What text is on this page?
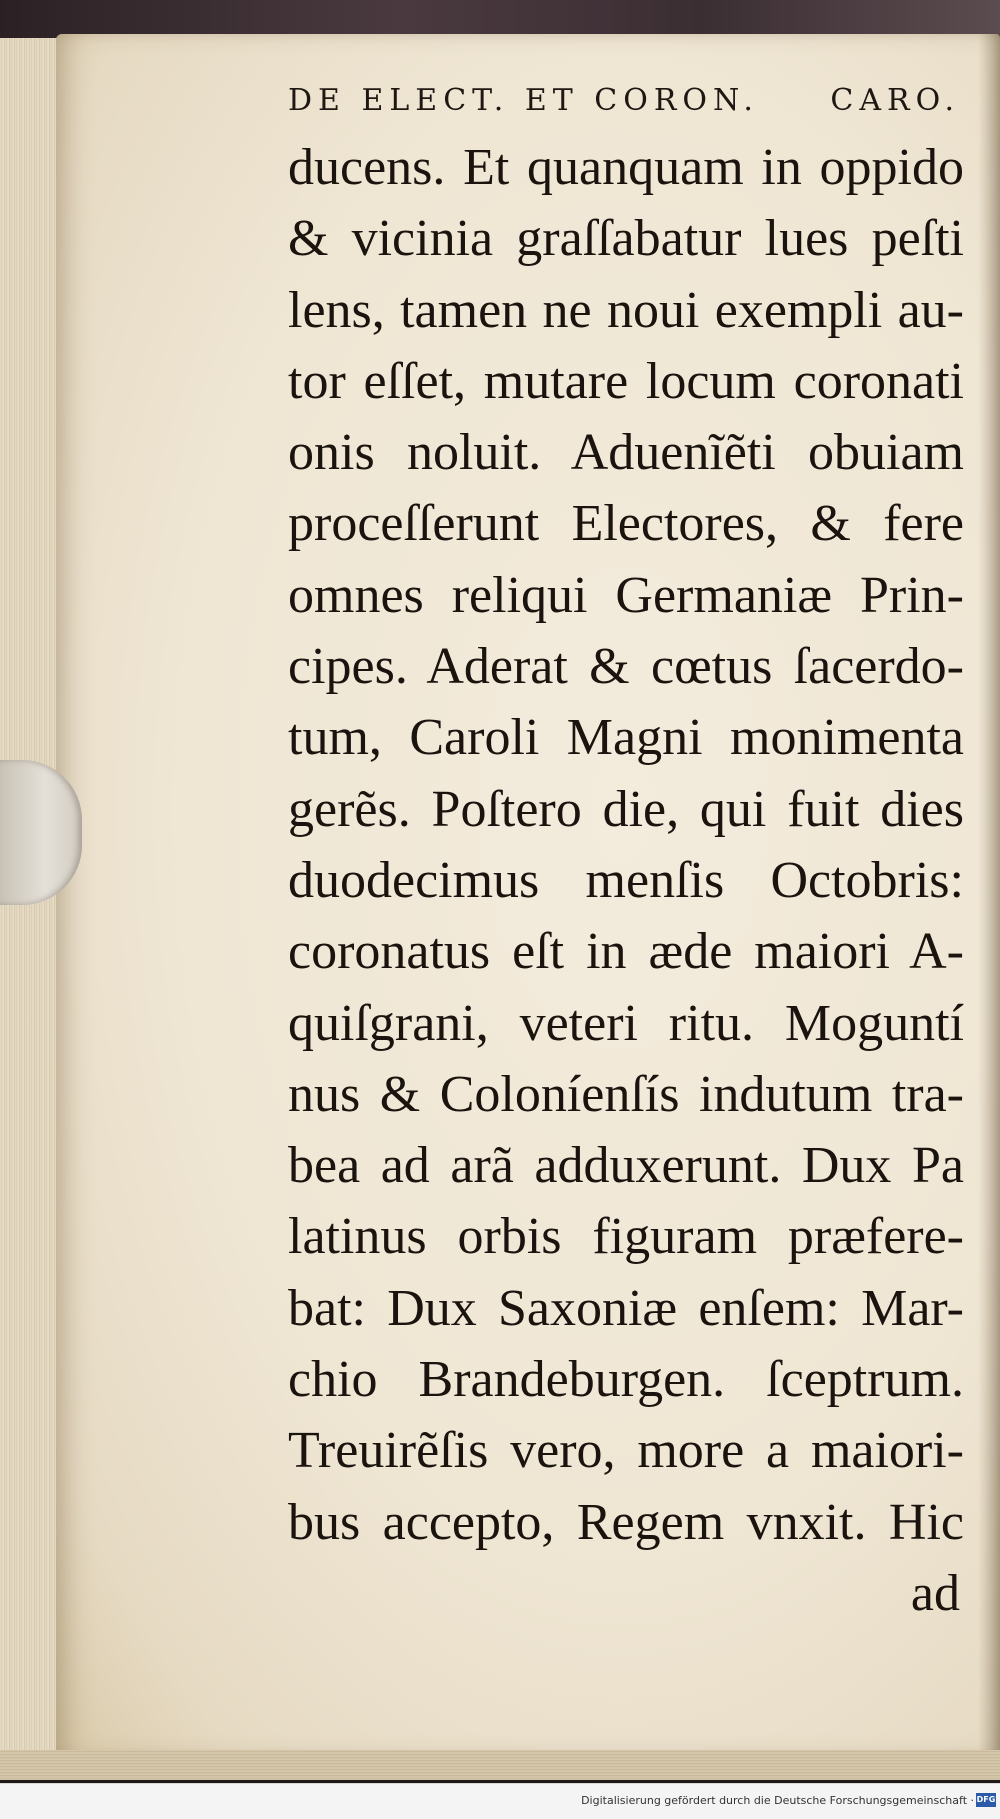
DE ELECT. ET CORON. CARO.
ducens. Et quanquam in oppido
& vicinia graſſabatur lues peſti
lens, tamen ne noui exempli au-
tor eſſet, mutare locum coronati
onis noluit. Aduenĩẽti obuiam
proceſſerunt Electores, & fere
omnes reliqui Germaniæ Prin-
cipes. Aderat & cœtus ſacerdo-
tum, Caroli Magni monimenta
gerẽs. Poſtero die, qui fuit dies
duodecimus menſis Octobris:
coronatus eſt in æde maiori A-
quiſgrani, veteri ritu. Moguntí
nus & Coloníenſís indutum tra-
bea ad arã adduxerunt. Dux Pa
latinus orbis figuram præfere-
bat: Dux Saxoniæ enſem: Mar-
chio Brandeburgen. ſceptrum.
Treuirẽſis vero, more a maiori-
bus accepto, Regem vnxit. Hic
ad
Digitalisierung gefördert durch die Deutsche Forschungsgemeinschaft · DFG
